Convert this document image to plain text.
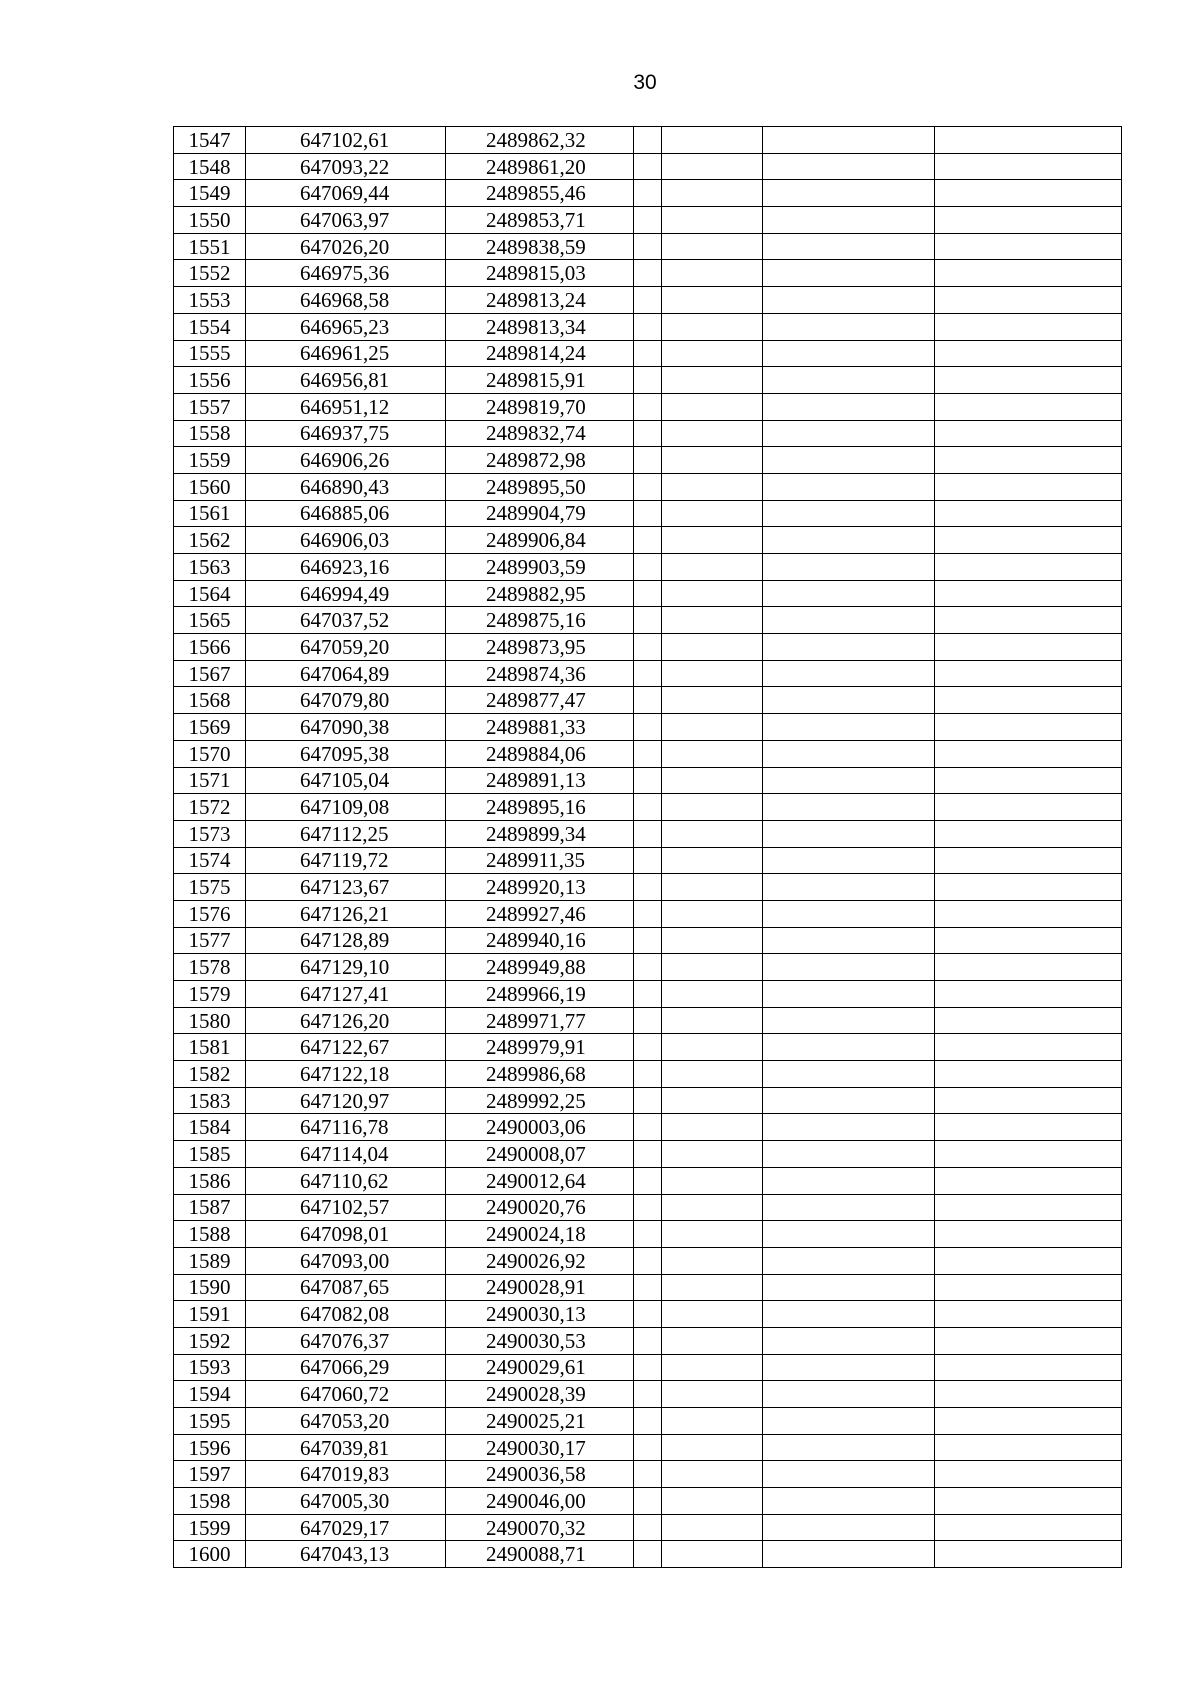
30
1547	647102,61	2489862,32				
1548	647093,22	2489861,20				
1549	647069,44	2489855,46				
1550	647063,97	2489853,71				
1551	647026,20	2489838,59				
1552	646975,36	2489815,03				
1553	646968,58	2489813,24				
1554	646965,23	2489813,34				
1555	646961,25	2489814,24				
1556	646956,81	2489815,91				
1557	646951,12	2489819,70				
1558	646937,75	2489832,74				
1559	646906,26	2489872,98				
1560	646890,43	2489895,50				
1561	646885,06	2489904,79				
1562	646906,03	2489906,84				
1563	646923,16	2489903,59				
1564	646994,49	2489882,95				
1565	647037,52	2489875,16				
1566	647059,20	2489873,95				
1567	647064,89	2489874,36				
1568	647079,80	2489877,47				
1569	647090,38	2489881,33				
1570	647095,38	2489884,06				
1571	647105,04	2489891,13				
1572	647109,08	2489895,16				
1573	647112,25	2489899,34				
1574	647119,72	2489911,35				
1575	647123,67	2489920,13				
1576	647126,21	2489927,46				
1577	647128,89	2489940,16				
1578	647129,10	2489949,88				
1579	647127,41	2489966,19				
1580	647126,20	2489971,77				
1581	647122,67	2489979,91				
1582	647122,18	2489986,68				
1583	647120,97	2489992,25				
1584	647116,78	2490003,06				
1585	647114,04	2490008,07				
1586	647110,62	2490012,64				
1587	647102,57	2490020,76				
1588	647098,01	2490024,18				
1589	647093,00	2490026,92				
1590	647087,65	2490028,91				
1591	647082,08	2490030,13				
1592	647076,37	2490030,53				
1593	647066,29	2490029,61				
1594	647060,72	2490028,39				
1595	647053,20	2490025,21				
1596	647039,81	2490030,17				
1597	647019,83	2490036,58				
1598	647005,30	2490046,00				
1599	647029,17	2490070,32				
1600	647043,13	2490088,71				
